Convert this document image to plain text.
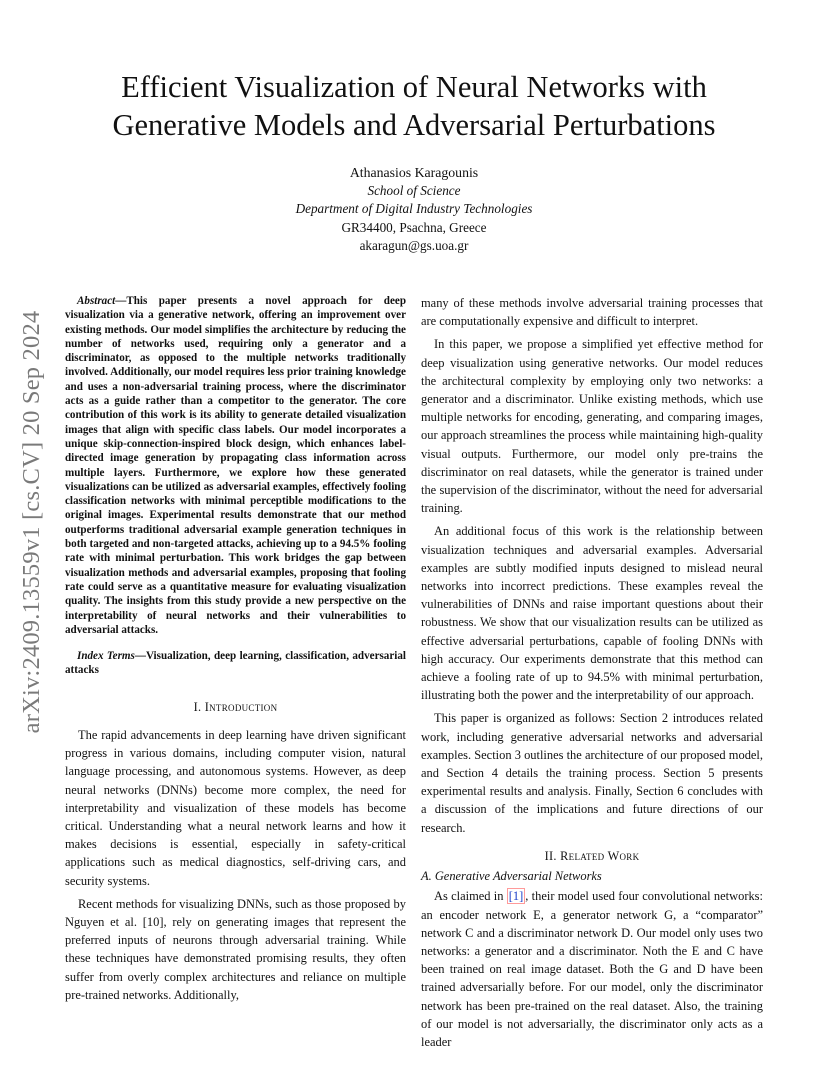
arXiv:2409.13559v1 [cs.CV] 20 Sep 2024
Efficient Visualization of Neural Networks with
Generative Models and Adversarial Perturbations
Athanasios Karagounis
School of Science
Department of Digital Industry Technologies
GR34400, Psachna, Greece
akaragun@gs.uoa.gr

Abstract—This paper presents a novel approach for deep visualization via a generative network, offering an improvement over existing methods. Our model simplifies the architecture by reducing the number of networks used, requiring only a generator and a discriminator, as opposed to the multiple networks traditionally involved. Additionally, our model requires less prior training knowledge and uses a non-adversarial training process, where the discriminator acts as a guide rather than a competitor to the generator. The core contribution of this work is its ability to generate detailed visualization images that align with specific class labels. Our model incorporates a unique skip-connection-inspired block design, which enhances label-directed image generation by propagating class information across multiple layers. Furthermore, we explore how these generated visualizations can be utilized as adversarial examples, effectively fooling classification networks with minimal perceptible modifications to the original images. Experimental results demonstrate that our method outperforms traditional adversarial example generation techniques in both targeted and non-targeted attacks, achieving up to a 94.5% fooling rate with minimal perturbation. This work bridges the gap between visualization methods and adversarial examples, proposing that fooling rate could serve as a quantitative measure for evaluating visualization quality. The insights from this study provide a new perspective on the interpretability of neural networks and their vulnerabilities to adversarial attacks.

Index Terms—Visualization, deep learning, classification, adversarial attacks

I. Introduction

The rapid advancements in deep learning have driven significant progress in various domains, including computer vision, natural language processing, and autonomous systems. However, as deep neural networks (DNNs) become more complex, the need for interpretability and visualization of these models has become critical. Understanding what a neural network learns and how it makes decisions is essential, especially in safety-critical applications such as medical diagnostics, self-driving cars, and security systems.

Recent methods for visualizing DNNs, such as those proposed by Nguyen et al. [10], rely on generating images that represent the preferred inputs of neurons through adversarial training. While these techniques have demonstrated promising results, they often suffer from overly complex architectures and reliance on multiple pre-trained networks. Additionally,

many of these methods involve adversarial training processes that are computationally expensive and difficult to interpret.

In this paper, we propose a simplified yet effective method for deep visualization using generative networks. Our model reduces the architectural complexity by employing only two networks: a generator and a discriminator. Unlike existing methods, which use multiple networks for encoding, generating, and comparing images, our approach streamlines the process while maintaining high-quality visual outputs. Furthermore, our model only pre-trains the discriminator on real datasets, while the generator is trained under the supervision of the discriminator, without the need for adversarial training.

An additional focus of this work is the relationship between visualization techniques and adversarial examples. Adversarial examples are subtly modified inputs designed to mislead neural networks into incorrect predictions. These examples reveal the vulnerabilities of DNNs and raise important questions about their robustness. We show that our visualization results can be utilized as effective adversarial perturbations, capable of fooling DNNs with high accuracy. Our experiments demonstrate that this method can achieve a fooling rate of up to 94.5% with minimal perturbation, illustrating both the power and the interpretability of our approach.

This paper is organized as follows: Section 2 introduces related work, including generative adversarial networks and adversarial examples. Section 3 outlines the architecture of our proposed model, and Section 4 details the training process. Section 5 presents experimental results and analysis. Finally, Section 6 concludes with a discussion of the implications and future directions of our research.

II. Related Work
A. Generative Adversarial Networks

As claimed in [1] , their model used four convolutional networks: an encoder network E, a generator network G, a “comparator” network C and a discriminator network D. Our model only uses two networks: a generator and a discriminator. Noth the E and C have been trained on real image dataset. Both the G and D have been trained adversarially before. For our model, only the discriminator network has been pre-trained on the real dataset. Also, the training of our model is not adversarially, the discriminator only acts as a leader
